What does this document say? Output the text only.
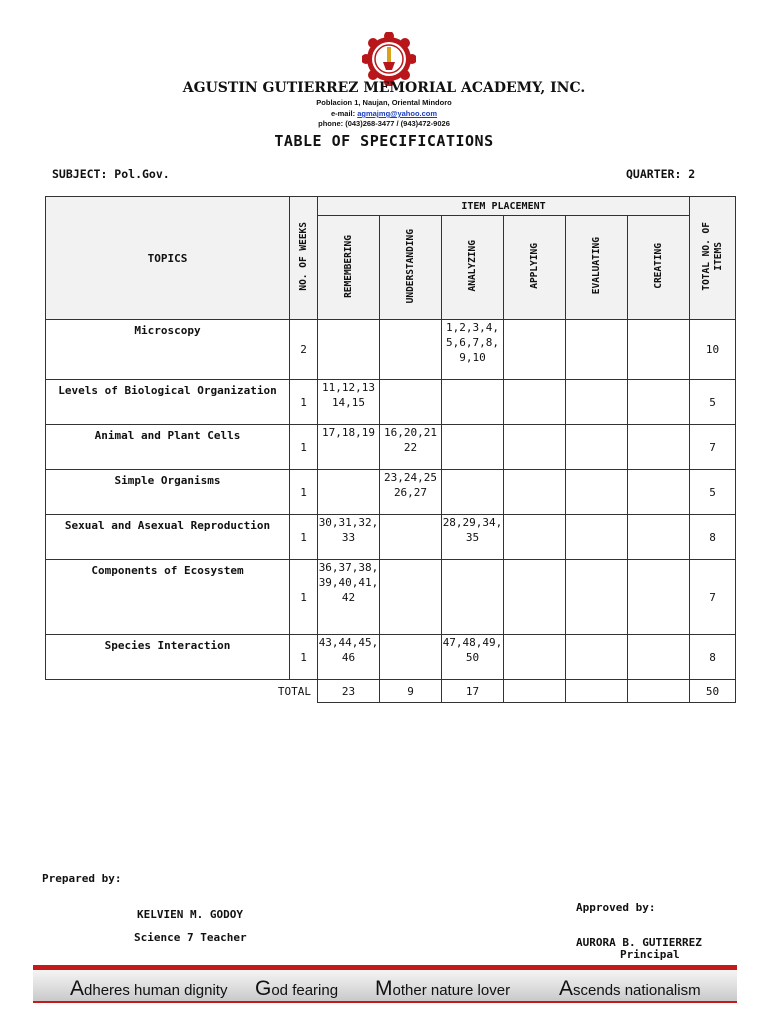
AGUSTIN GUTIERREZ MEMORIAL ACADEMY, INC.
Poblacion 1, Naujan, Oriental Mindoro
e-mail: agmajmg@yahoo.com
phone: (043)268-3477 / (943)472-9026
TABLE OF SPECIFICATIONS
SUBJECT: Pol.Gov.	QUARTER: 2
TOPICS	NO. OF WEEKS	ITEM PLACEMENT						TOTAL NO. OF
ITEMS
		REMEMBERING	UNDERSTANDING	ANALYZING	APPLYING	EVALUATING	CREATING	
Microscopy	2			1,2,3,4,5,6,7,8,9,10				10
Levels of Biological Organization	1	11,12,13 14,15						5
Animal and Plant Cells	1	17,18,19	16,20,21 22					7
Simple Organisms	1		23,24,25 26,27					5
Sexual and Asexual Reproduction	1	30,31,32, 33		28,29,34, 35				8
Components of Ecosystem	1	36,37,38, 39,40,41, 42						7
Species Interaction	1	43,44,45, 46		47,48,49, 50				8
TOTAL		23	9	17				50
Prepared by:
KELVIEN M. GODOY
Science 7 Teacher
Approved by:
AURORA B. GUTIERREZ
Principal
Adheres human dignity God fearing Mother nature lover Ascends nationalism
